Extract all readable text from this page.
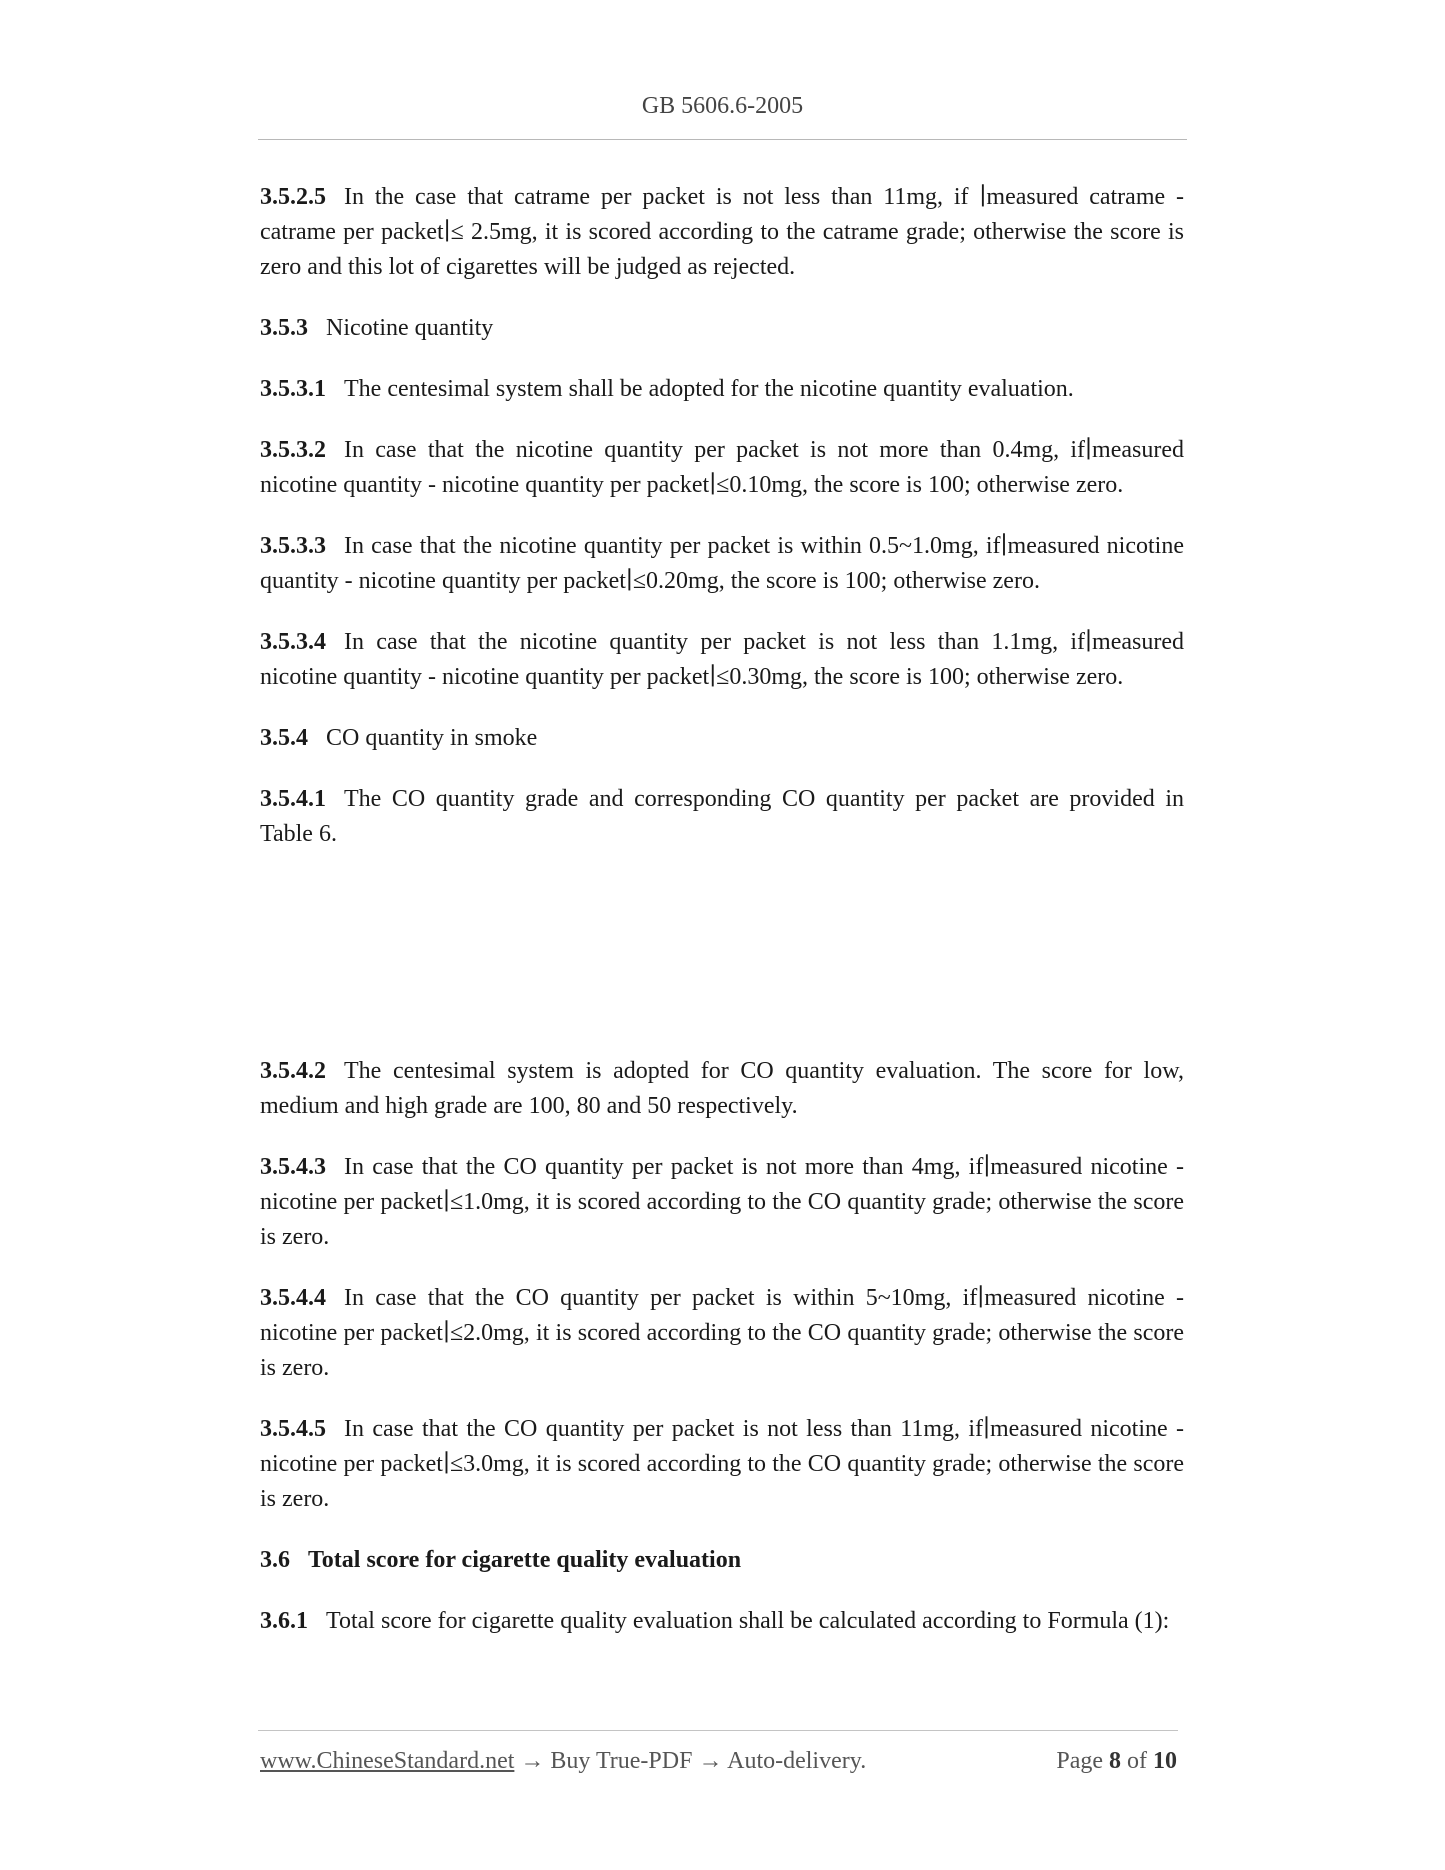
GB 5606.6-2005

3.5.2.5 In the case that catrame per packet is not less than 11mg, if ∣measured catrame - catrame per packet∣≤ 2.5mg, it is scored according to the catrame grade; otherwise the score is zero and this lot of cigarettes will be judged as rejected.

3.5.3 Nicotine quantity

3.5.3.1 The centesimal system shall be adopted for the nicotine quantity evaluation.

3.5.3.2 In case that the nicotine quantity per packet is not more than 0.4mg, if∣measured nicotine quantity - nicotine quantity per packet∣≤0.10mg, the score is 100; otherwise zero.

3.5.3.3 In case that the nicotine quantity per packet is within 0.5~1.0mg, if∣measured nicotine quantity - nicotine quantity per packet∣≤0.20mg, the score is 100; otherwise zero.

3.5.3.4 In case that the nicotine quantity per packet is not less than 1.1mg, if∣measured nicotine quantity - nicotine quantity per packet∣≤0.30mg, the score is 100; otherwise zero.

3.5.4 CO quantity in smoke

3.5.4.1 The CO quantity grade and corresponding CO quantity per packet are provided in Table 6.

3.5.4.2 The centesimal system is adopted for CO quantity evaluation. The score for low, medium and high grade are 100, 80 and 50 respectively.

3.5.4.3 In case that the CO quantity per packet is not more than 4mg, if∣measured nicotine - nicotine per packet∣≤1.0mg, it is scored according to the CO quantity grade; otherwise the score is zero.

3.5.4.4 In case that the CO quantity per packet is within 5~10mg, if∣measured nicotine - nicotine per packet∣≤2.0mg, it is scored according to the CO quantity grade; otherwise the score is zero.

3.5.4.5 In case that the CO quantity per packet is not less than 11mg, if∣measured nicotine - nicotine per packet∣≤3.0mg, it is scored according to the CO quantity grade; otherwise the score is zero.

3.6 Total score for cigarette quality evaluation

3.6.1 Total score for cigarette quality evaluation shall be calculated according to Formula (1):

www.ChineseStandard.net → Buy True-PDF → Auto-delivery.	Page 8 of 10
